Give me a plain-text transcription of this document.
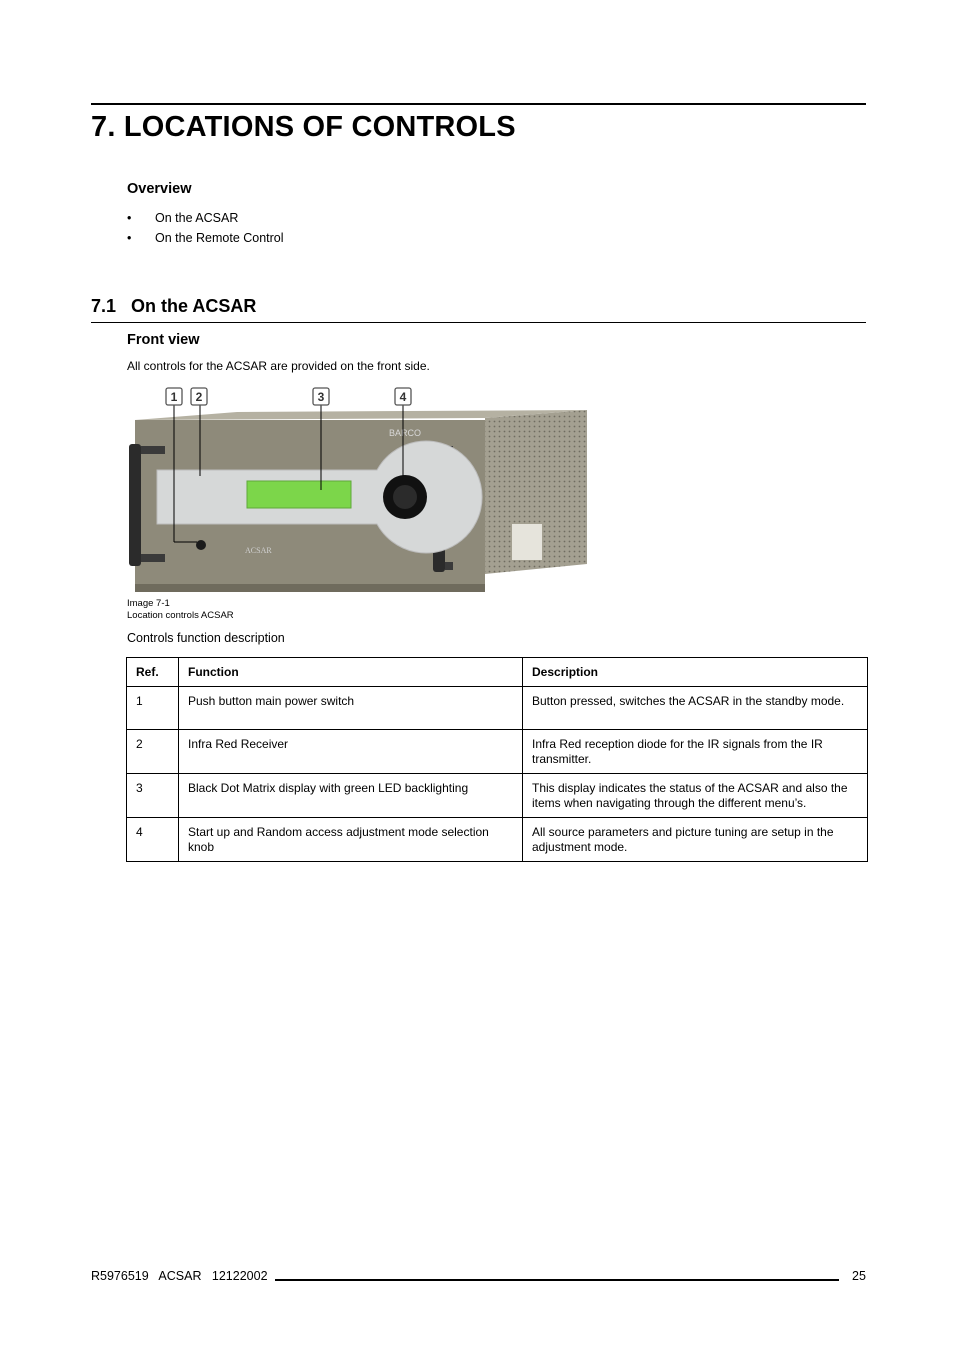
7. LOCATIONS OF CONTROLS
Overview
• On the ACSAR
• On the Remote Control
7.1   On the ACSAR
Front view
All controls for the ACSAR are provided on the front side.
BARCO
ACSAR
1 2	3	4
Image 7-1
Location controls ACSAR
Controls function description
Ref.	Function	Description
1	Push button main power switch	Button pressed, switches the ACSAR in the standby mode.
2	Infra Red Receiver	Infra Red reception diode for the IR signals from the IR transmitter.
3	Black Dot Matrix display with green LED backlighting	This display indicates the status of the ACSAR and also the items when navigating through the different menu’s.
4	Start up and Random access adjustment mode selection knob	All source parameters and picture tuning are setup in the adjustment mode.
R5976519   ACSAR   12122002	25
